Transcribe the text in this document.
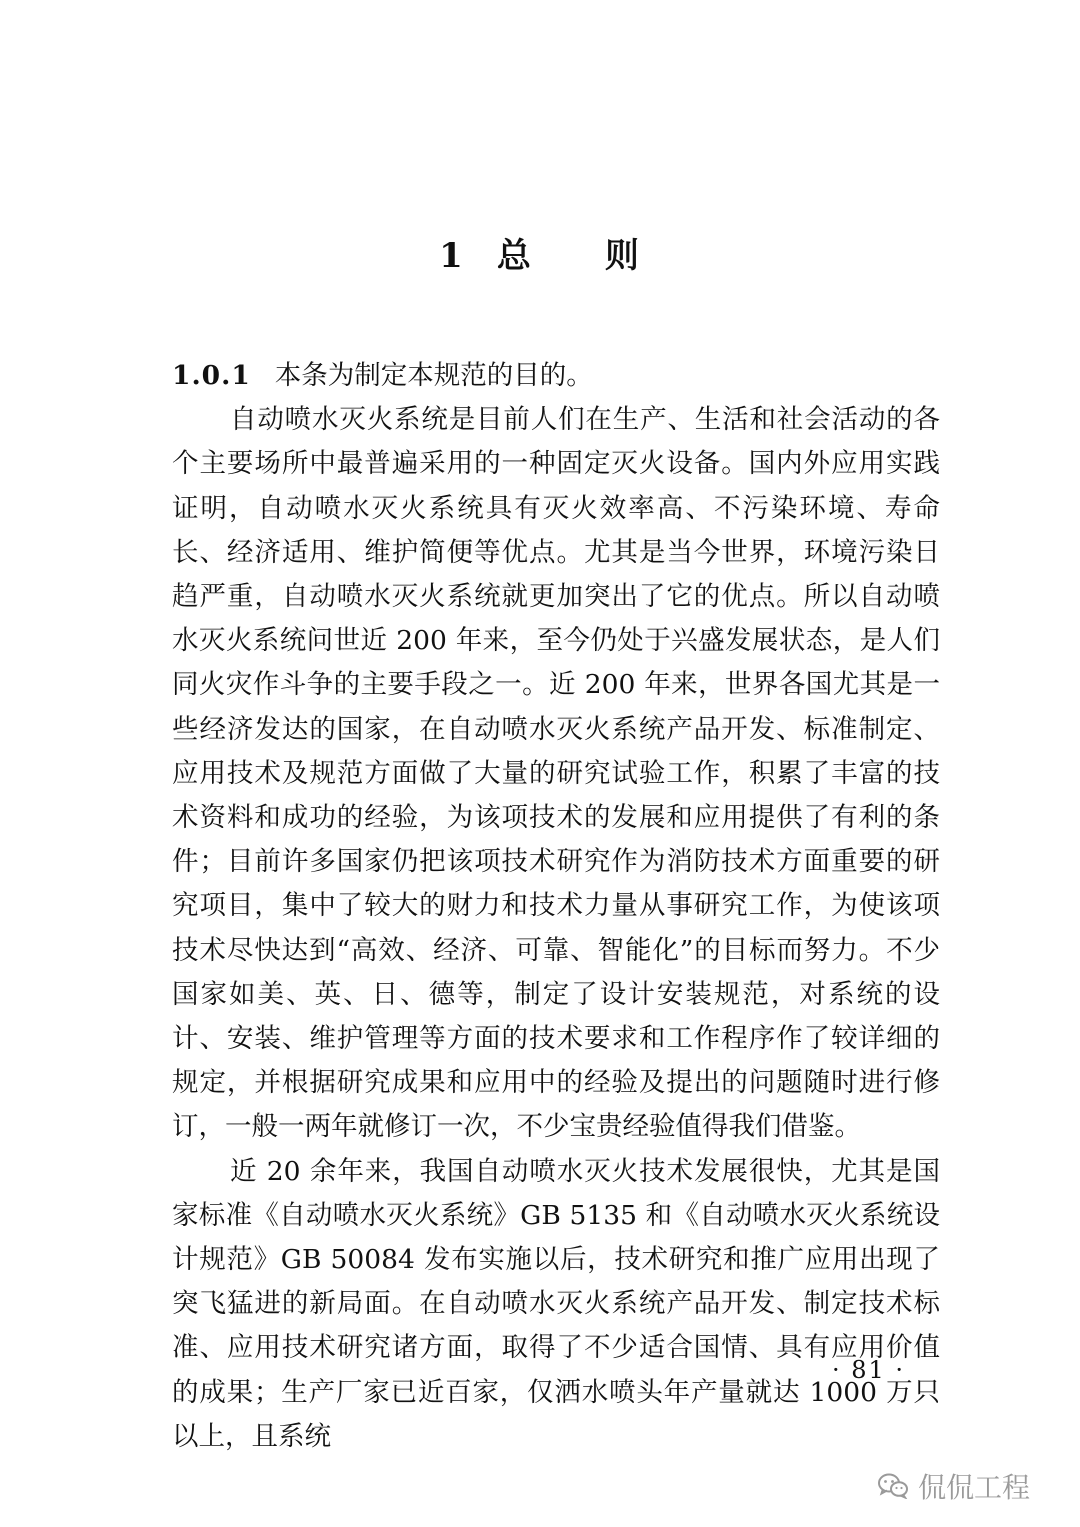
1 总 则

1.0.1 本条为制定本规范的目的。

自动喷水灭火系统是目前人们在生产、生活和社会活动的各个主要场所中最普遍采用的一种固定灭火设备。国内外应用实践证明，自动喷水灭火系统具有灭火效率高、不污染环境、寿命长、经济适用、维护简便等优点。尤其是当今世界，环境污染日趋严重，自动喷水灭火系统就更加突出了它的优点。所以自动喷水灭火系统问世近 200 年来，至今仍处于兴盛发展状态，是人们同火灾作斗争的主要手段之一。近 200 年来，世界各国尤其是一些经济发达的国家，在自动喷水灭火系统产品开发、标准制定、应用技术及规范方面做了大量的研究试验工作，积累了丰富的技术资料和成功的经验，为该项技术的发展和应用提供了有利的条件；目前许多国家仍把该项技术研究作为消防技术方面重要的研究项目，集中了较大的财力和技术力量从事研究工作，为使该项技术尽快达到“高效、经济、可靠、智能化”的目标而努力。不少国家如美、英、日、德等，制定了设计安装规范，对系统的设计、安装、维护管理等方面的技术要求和工作程序作了较详细的规定，并根据研究成果和应用中的经验及提出的问题随时进行修订，一般一两年就修订一次，不少宝贵经验值得我们借鉴。

近 20 余年来，我国自动喷水灭火技术发展很快，尤其是国家标准《自动喷水灭火系统》GB 5135 和《自动喷水灭火系统设计规范》GB 50084 发布实施以后，技术研究和推广应用出现了突飞猛进的新局面。在自动喷水灭火系统产品开发、制定技术标准、应用技术研究诸方面，取得了不少适合国情、具有应用价值的成果；生产厂家已近百家，仅洒水喷头年产量就达 1000 万只以上，且系统

· 81 ·
侃侃工程
